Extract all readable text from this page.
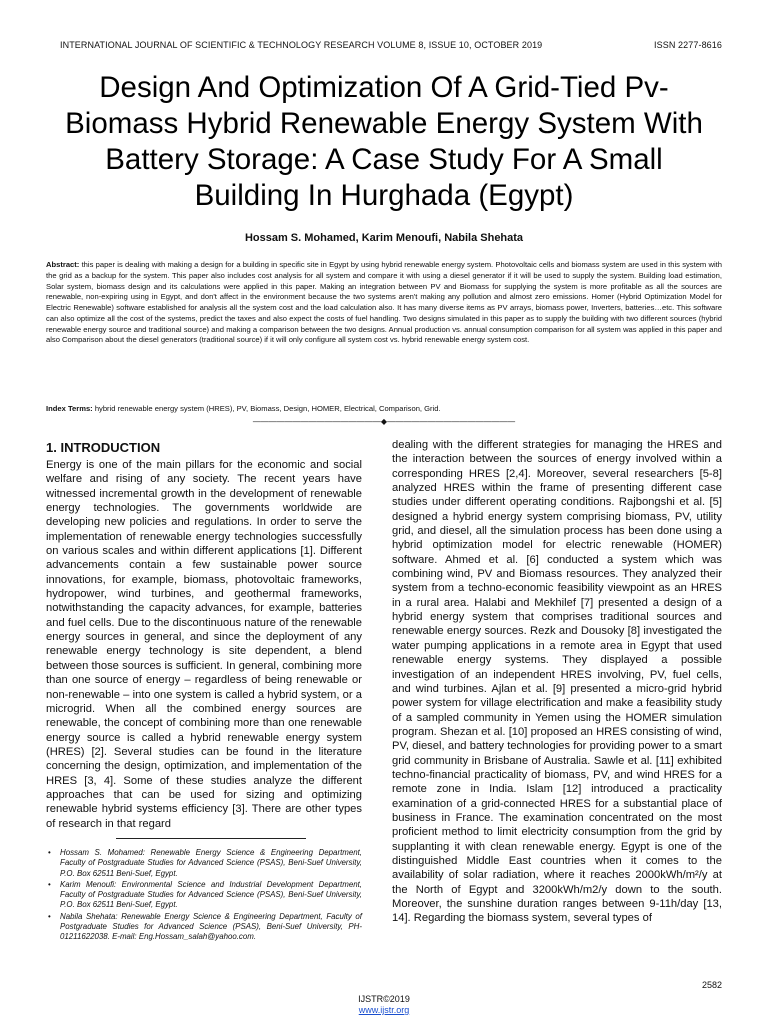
INTERNATIONAL JOURNAL OF SCIENTIFIC & TECHNOLOGY RESEARCH VOLUME 8, ISSUE 10, OCTOBER 2019	ISSN 2277-8616
Design And Optimization Of A Grid-Tied Pv-
Biomass Hybrid Renewable Energy System With
Battery Storage: A Case Study For A Small
Building In Hurghada (Egypt)
Hossam S. Mohamed, Karim Menoufi, Nabila Shehata

Abstract: this paper is dealing with making a design for a building in specific site in Egypt by using hybrid renewable energy system. Photovoltaic cells and biomass system are used in this system with the grid as a backup for the system. This paper also includes cost analysis for all system and compare it with using a diesel generator if it will be used to supply the system. Building load estimation, Solar system, biomass design and its calculations were applied in this paper. Making an integration between PV and Biomass for supplying the system is more profitable as all the sources are renewable, non-expiring using in Egypt, and don't affect in the environment because the two systems aren't making any pollution and almost zero emissions. Homer (Hybrid Optimization Model for Electric Renewable) software established for analysis all the system cost and the load calculation also. It has many diverse items as PV arrays, biomass power, Inverters, batteries…etc. This software can also optimize all the cost of the systems, predict the taxes and also expect the costs of fuel handling. Two designs simulated in this paper as to supply the building with two different sources (hybrid renewable energy source and traditional source) and making a comparison between the two designs. Annual production vs. annual consumption comparison for all system was applied in this paper and also Comparison about the diesel generators (traditional source) if it will only configure all system cost vs. hybrid renewable energy system cost.

Index Terms: hybrid renewable energy system (HRES), PV, Biomass, Design, HOMER, Electrical, Comparison, Grid.

————————————————◆————————————————
1. INTRODUCTION

Energy is one of the main pillars for the economic and social welfare and rising of any society. The recent years have witnessed incremental growth in the development of renewable energy technologies. The governments worldwide are developing new policies and regulations. In order to serve the implementation of renewable energy technologies successfully on various scales and within different applications [1]. Different advancements contain a few sustainable power source innovations, for example, biomass, photovoltaic frameworks, hydropower, wind turbines, and geothermal frameworks, notwithstanding the capacity advances, for example, batteries and fuel cells. Due to the discontinuous nature of the renewable energy sources in general, and since the deployment of any renewable energy technology is site dependent, a blend between those sources is sufficient. In general, combining more than one source of energy – regardless of being renewable or non-renewable – into one system is called a hybrid system, or a microgrid. When all the combined energy sources are renewable, the concept of combining more than one renewable energy source is called a hybrid renewable energy system (HRES) [2]. Several studies can be found in the literature concerning the design, optimization, and implementation of the HRES [3, 4]. Some of these studies analyze the different approaches that can be used for sizing and optimizing renewable hybrid systems efficiency [3]. There are other types of research in that regard

dealing with the different strategies for managing the HRES and the interaction between the sources of energy involved within a corresponding HRES [2,4]. Moreover, several researchers [5-8] analyzed HRES within the frame of presenting different case studies under different operating conditions. Rajbongshi et al. [5] designed a hybrid energy system comprising biomass, PV, utility grid, and diesel, all the simulation process has been done using a hybrid optimization model for electric renewable (HOMER) software. Ahmed et al. [6] conducted a system which was combining wind, PV and Biomass resources. They analyzed their system from a techno-economic feasibility viewpoint as an HRES in a rural area. Halabi and Mekhilef [7] presented a design of a hybrid energy system that comprises traditional sources and renewable energy sources. Rezk and Dousoky [8] investigated the water pumping applications in a remote area in Egypt that used renewable energy systems. They displayed a possible investigation of an independent HRES involving, PV, fuel cells, and wind turbines. Ajlan et al. [9] presented a micro-grid hybrid power system for village electrification and make a feasibility study of a sampled community in Yemen using the HOMER simulation program. Shezan et al. [10] proposed an HRES consisting of wind, PV, diesel, and battery technologies for providing power to a smart grid community in Brisbane of Australia. Sawle et al. [11] exhibited techno-financial practicality of biomass, PV, and wind HRES for a remote zone in India. Islam [12] introduced a practicality examination of a grid-connected HRES for a substantial place of business in France. The examination concentrated on the most proficient method to limit electricity consumption from the grid by supplanting it with clean renewable energy. Egypt is one of the distinguished Middle East countries when it comes to the availability of solar radiation, where it reaches 2000kWh/m²/y at the North of Egypt and 3200kWh/m2/y down to the south. Moreover, the sunshine duration ranges between 9-11h/day [13, 14]. Regarding the biomass system, several types of

• Hossam S. Mohamed: Renewable Energy Science & Engineering Department, Faculty of Postgraduate Studies for Advanced Science (PSAS), Beni-Suef University, P.O. Box 62511 Beni-Suef, Egypt.
• Karim Menoufi: Environmental Science and Industrial Development Department, Faculty of Postgraduate Studies for Advanced Science (PSAS), Beni-Suef University, P.O. Box 62511 Beni-Suef, Egypt.
• Nabila Shehata: Renewable Energy Science & Engineering Department, Faculty of Postgraduate Studies for Advanced Science (PSAS), Beni-Suef University, PH- 01211622038. E-mail: Eng.Hossam_salah@yahoo.com.
2582
IJSTR©2019
www.ijstr.org
